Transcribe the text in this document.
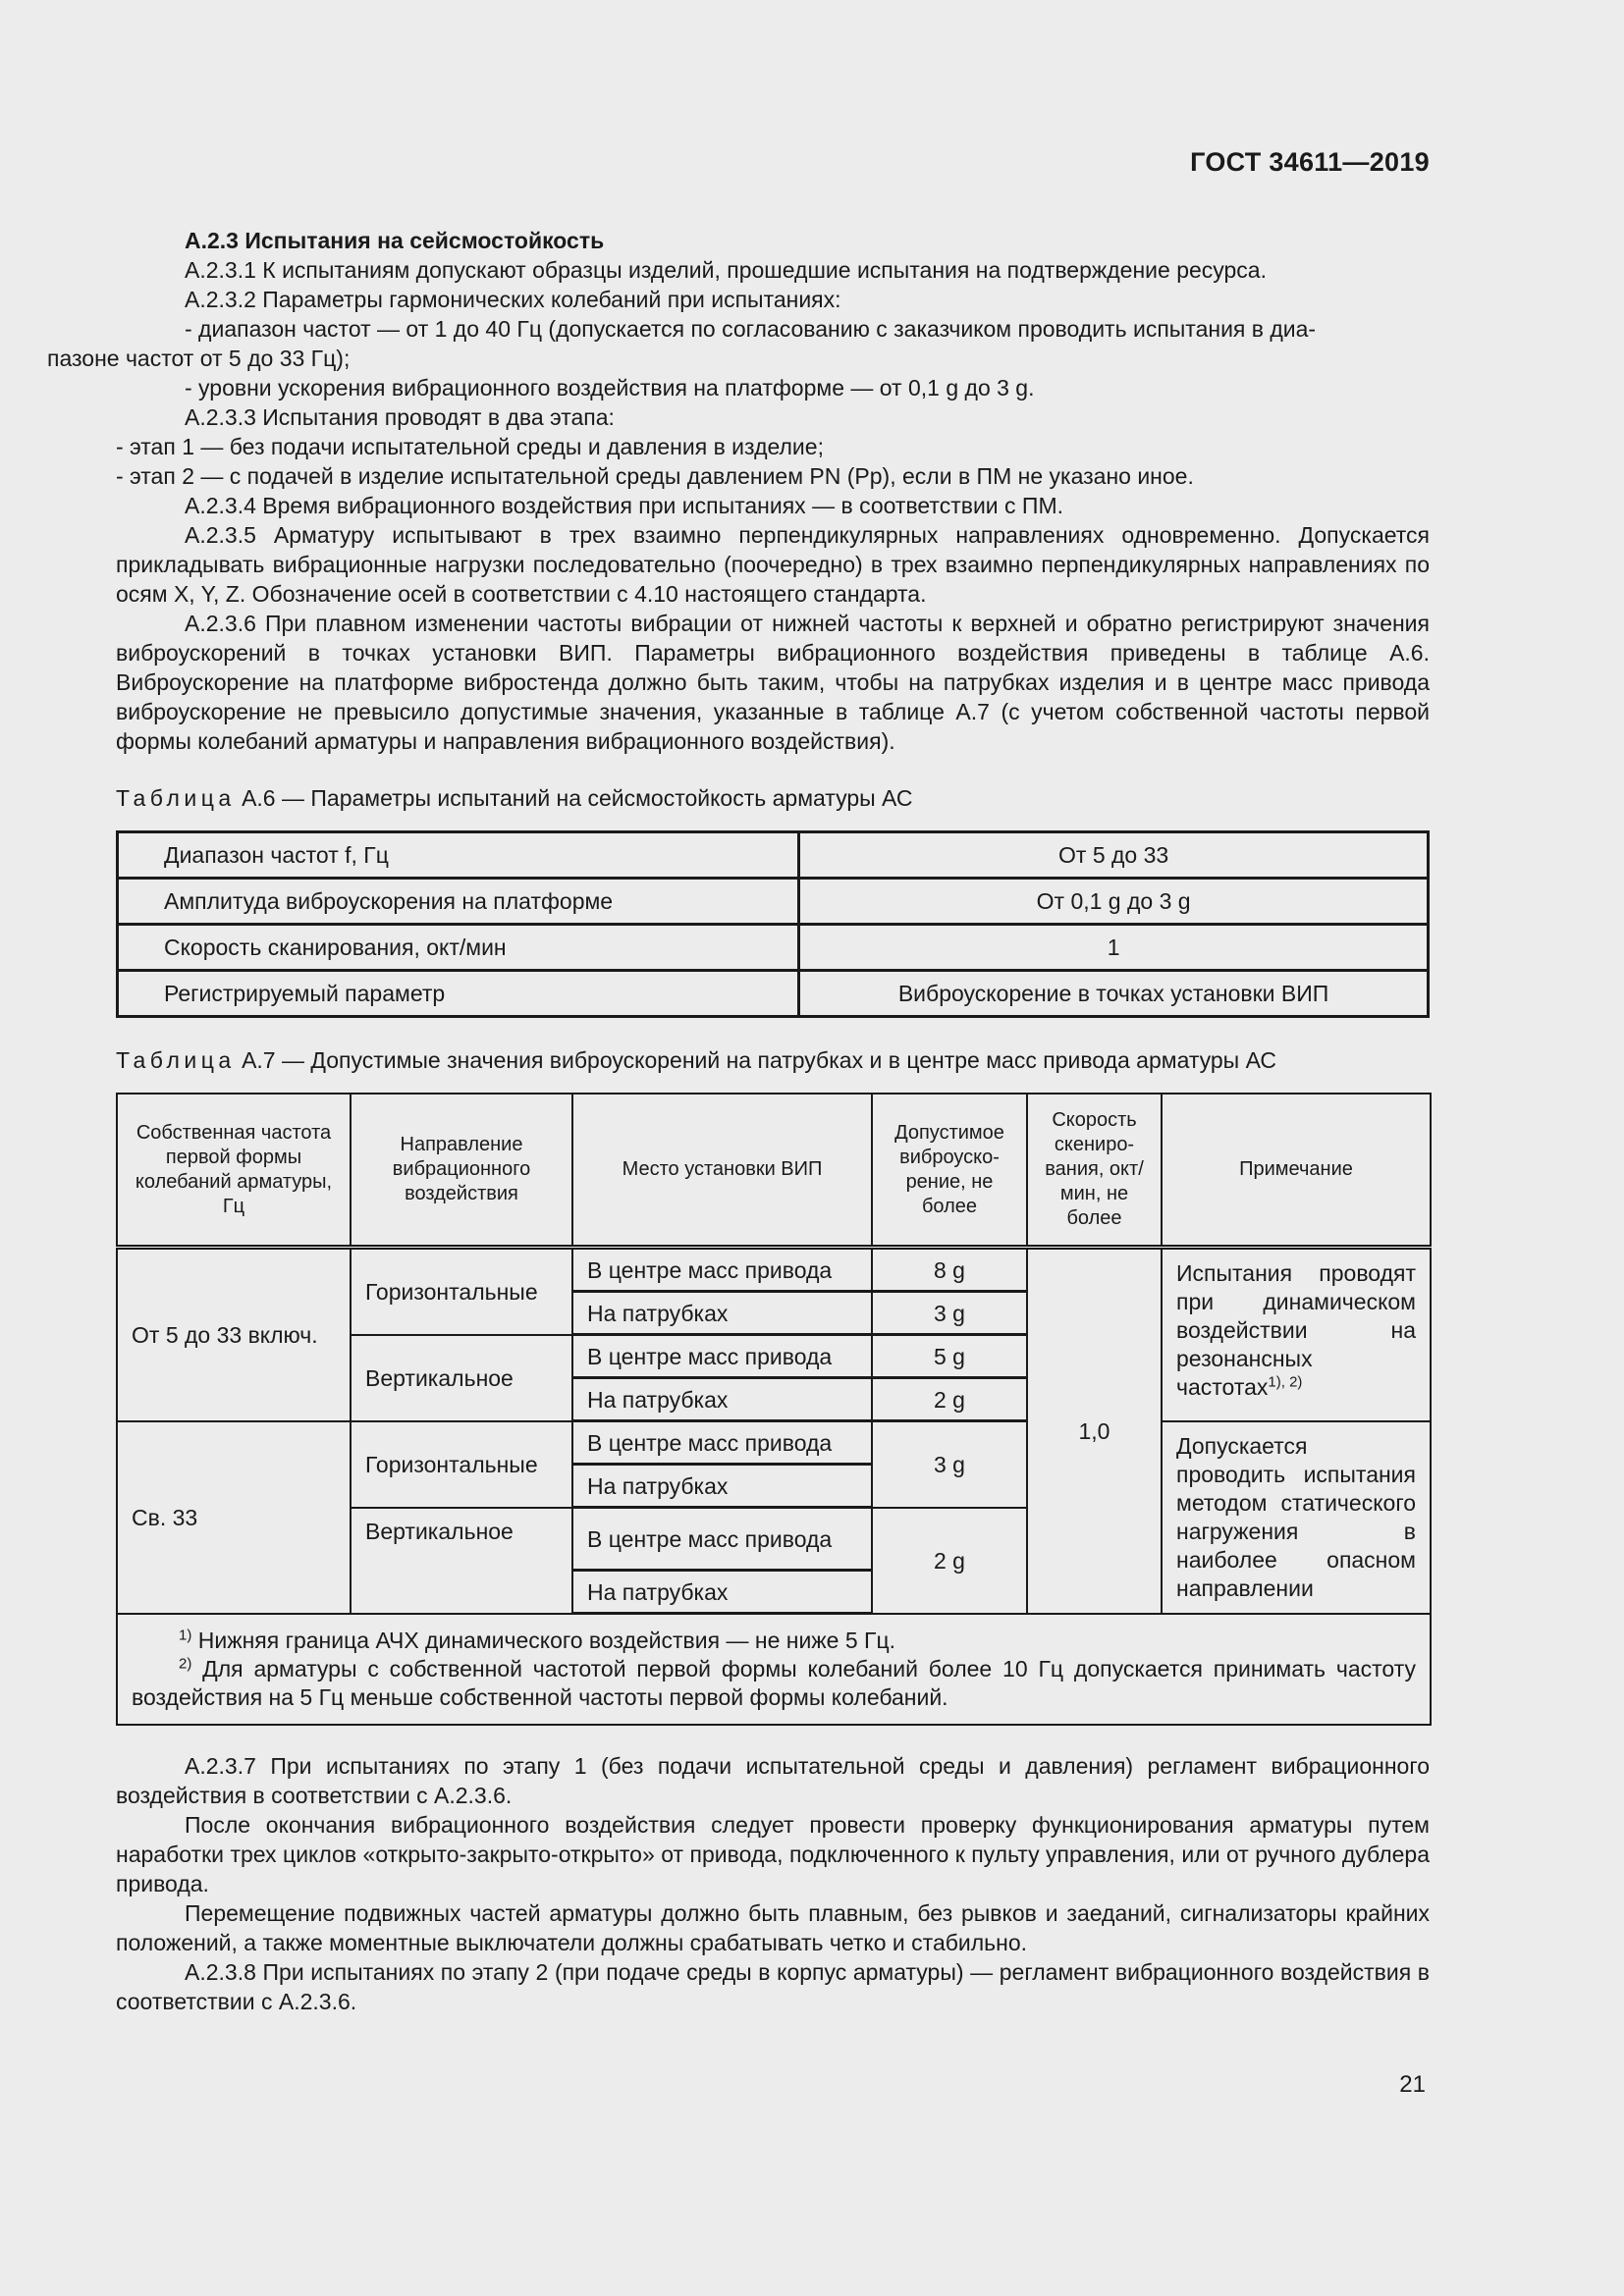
ГОСТ 34611—2019

А.2.3 Испытания на сейсмостойкость

А.2.3.1 К испытаниям допускают образцы изделий, прошедшие испытания на подтверждение ресурса.

А.2.3.2 Параметры гармонических колебаний при испытаниях:

- диапазон частот — от 1 до 40 Гц (допускается по согласованию с заказчиком проводить испытания в диа-
пазоне частот от 5 до 33 Гц);

- уровни ускорения вибрационного воздействия на платформе — от 0,1 g до 3 g.

А.2.3.3 Испытания проводят в два этапа:

- этап 1 — без подачи испытательной среды и давления в изделие;

- этап 2 — с подачей в изделие испытательной среды давлением PN (Pр), если в ПМ не указано иное.

А.2.3.4 Время вибрационного воздействия при испытаниях — в соответствии с ПМ.

А.2.3.5 Арматуру испытывают в трех взаимно перпендикулярных направлениях одновременно. Допускается прикладывать вибрационные нагрузки последовательно (поочередно) в трех взаимно перпендикулярных направлениях по осям X, Y, Z. Обозначение осей в соответствии с 4.10 настоящего стандарта.

А.2.3.6 При плавном изменении частоты вибрации от нижней частоты к верхней и обратно регистрируют значения виброускорений в точках установки ВИП. Параметры вибрационного воздействия приведены в таблице А.6. Виброускорение на платформе вибростенда должно быть таким, чтобы на патрубках изделия и в центре масс привода виброускорение не превысило допустимые значения, указанные в таблице А.7 (с учетом собственной частоты первой формы колебаний арматуры и направления вибрационного воздействия).

Таблица А.6 — Параметры испытаний на сейсмостойкость арматуры АС

Диапазон частот f, Гц	От 5 до 33
Амплитуда виброускорения на платформе	От 0,1 g до 3 g
Скорость сканирования, окт/мин	1
Регистрируемый параметр	Виброускорение в точках установки ВИП

Таблица А.7 — Допустимые значения виброускорений на патрубках и в центре масс привода арматуры АС

Собственная частота первой формы колебаний арматуры, Гц	Направление вибрационного воздействия	Место установки ВИП	Допустимое виброуско-рение, не более	Скорость скениро-вания, окт/мин, не более	Примечание
От 5 до 33 включ.	Горизонтальные	В центре масс привода	8 g	1,0	Испытания проводят при динамическом воздействии на резонансных частотах$^{1), 2)}$
		На патрубках	3 g		
	Вертикальное	В центре масс привода	5 g		
		На патрубках	2 g		
Св. 33	Горизонтальные	В центре масс привода	3 g		Допускается проводить испытания методом статического нагружения в наиболее опасном направлении
		На патрубках			
	Вертикальное	В центре масс привода	2 g		
		На патрубках			

$^{1)}$ Нижняя граница АЧХ динамического воздействия — не ниже 5 Гц.
$^{2)}$ Для арматуры с собственной частотой первой формы колебаний более 10 Гц допускается принимать частоту воздействия на 5 Гц меньше собственной частоты первой формы колебаний.					

А.2.3.7 При испытаниях по этапу 1 (без подачи испытательной среды и давления) регламент вибрационного воздействия в соответствии с А.2.3.6.

После окончания вибрационного воздействия следует провести проверку функционирования арматуры путем наработки трех циклов «открыто-закрыто-открыто» от привода, подключенного к пульту управления, или от ручного дублера привода.

Перемещение подвижных частей арматуры должно быть плавным, без рывков и заеданий, сигнализаторы крайних положений, а также моментные выключатели должны срабатывать четко и стабильно.

А.2.3.8 При испытаниях по этапу 2 (при подаче среды в корпус арматуры) — регламент вибрационного воздействия в соответствии с А.2.3.6.

21
